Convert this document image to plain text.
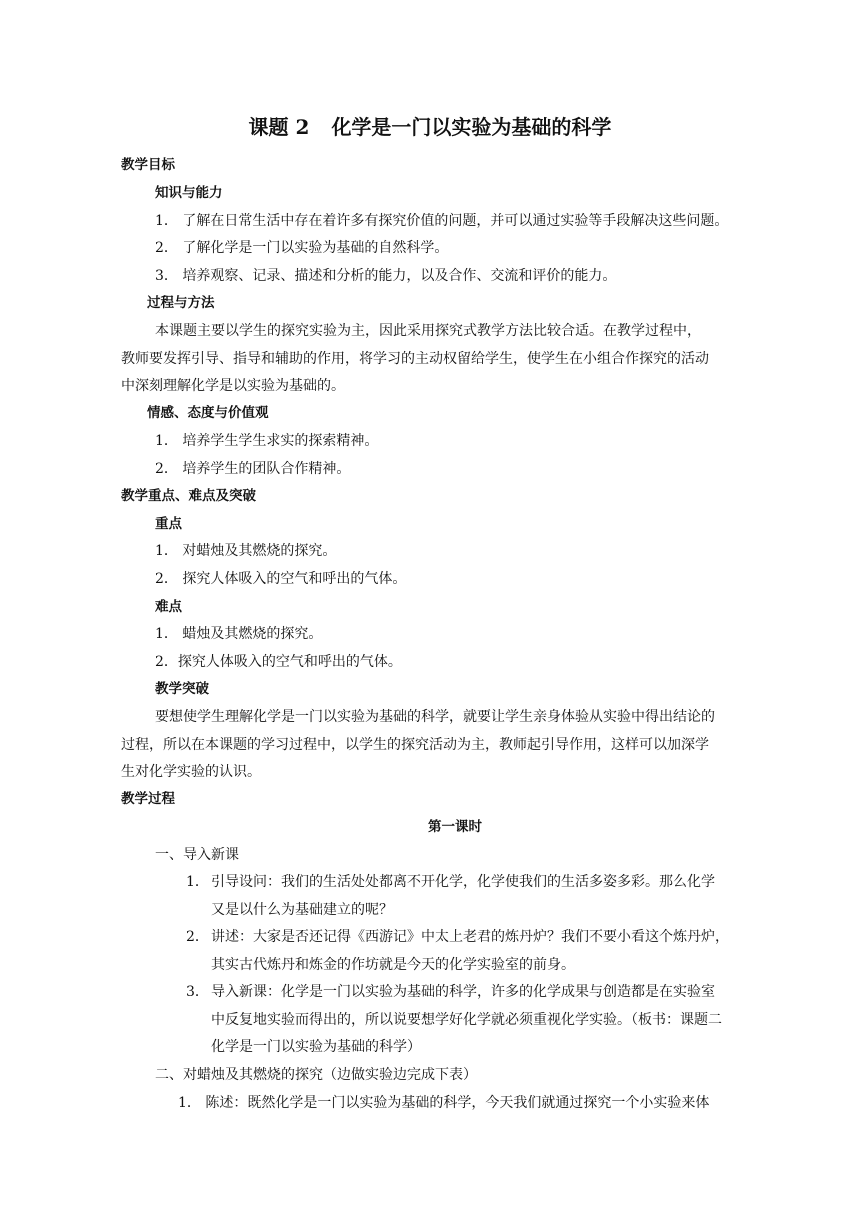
课题 2 化学是一门以实验为基础的科学
教学目标
知识与能力
1． 了解在日常生活中存在着许多有探究价值的问题，并可以通过实验等手段解决这些问题。
2． 了解化学是一门以实验为基础的自然科学。
3． 培养观察、记录、描述和分析的能力，以及合作、交流和评价的能力。
过程与方法
本课题主要以学生的探究实验为主，因此采用探究式教学方法比较合适。在教学过程中，
教师要发挥引导、指导和辅助的作用，将学习的主动权留给学生，使学生在小组合作探究的活动
中深刻理解化学是以实验为基础的。
情感、态度与价值观
1． 培养学生学生求实的探索精神。
2． 培养学生的团队合作精神。
教学重点、难点及突破
重点
1． 对蜡烛及其燃烧的探究。
2． 探究人体吸入的空气和呼出的气体。
难点
1． 蜡烛及其燃烧的探究。
2．探究人体吸入的空气和呼出的气体。
教学突破
要想使学生理解化学是一门以实验为基础的科学，就要让学生亲身体验从实验中得出结论的
过程，所以在本课题的学习过程中，以学生的探究活动为主，教师起引导作用，这样可以加深学
生对化学实验的认识。
教学过程
第一课时
一、导入新课
1． 引导设问：我们的生活处处都离不开化学，化学使我们的生活多姿多彩。那么化学
又是以什么为基础建立的呢？
2． 讲述：大家是否还记得《西游记》中太上老君的炼丹炉？我们不要小看这个炼丹炉，
其实古代炼丹和炼金的作坊就是今天的化学实验室的前身。
3． 导入新课：化学是一门以实验为基础的科学，许多的化学成果与创造都是在实验室
中反复地实验而得出的，所以说要想学好化学就必须重视化学实验。（板书：课题二
化学是一门以实验为基础的科学）
二、对蜡烛及其燃烧的探究（边做实验边完成下表）
1． 陈述：既然化学是一门以实验为基础的科学，今天我们就通过探究一个小实验来体
